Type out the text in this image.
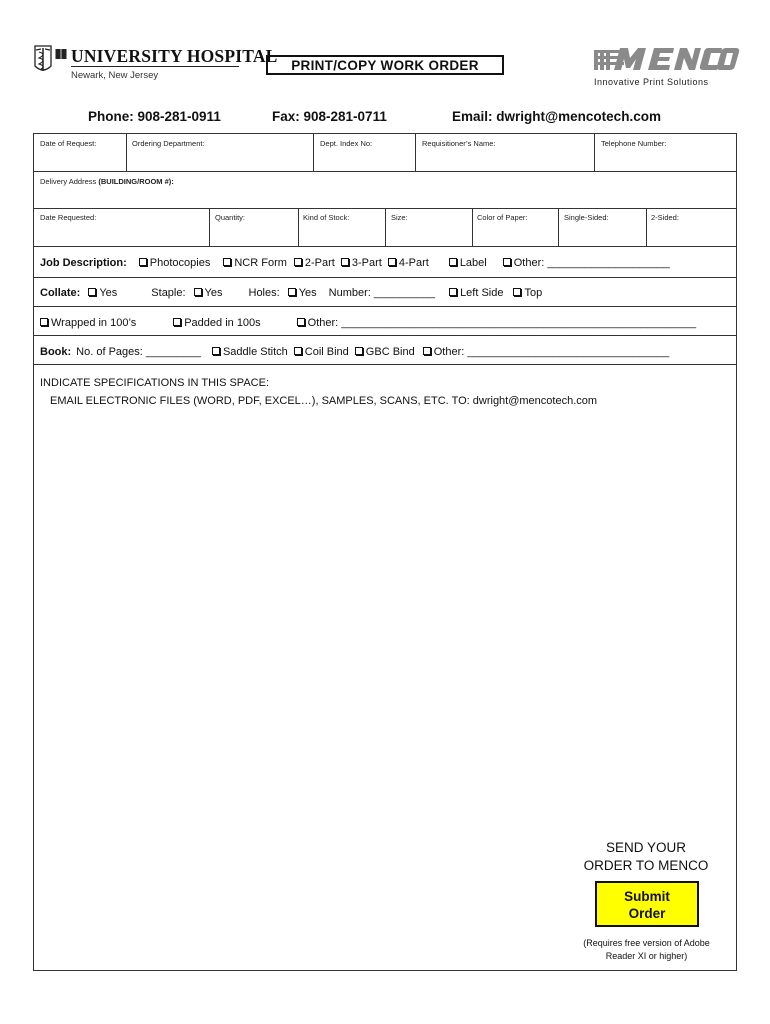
UNIVERSITY HOSPITAL
Newark, New Jersey
PRINT/COPY WORK ORDER
Innovative Print Solutions
Phone: 908-281-0911	Fax: 908-281-0711	Email: dwright@mencotech.com
Date of Request:	Ordering Department:	Dept. Index No:	Requisitioner’s Name:	Telephone Number:
Delivery Address (BUILDING/ROOM #):
Date Requested:	Quantity:	Kind of Stock:	Size:	Color of Paper:	Single-Sided:	2-Sided:
Job Description: Photocopies NCR Form 2-Part 3-Part 4-Part	Label Other: ____________________
Collate: Yes	Staple: Yes Holes: Yes Number: __________ Left Side Top
Wrapped in 100’s	Padded in 100s	Other: __________________________________________________________
Book: No. of Pages: _________ Saddle Stitch Coil Bind GBC Bind Other: _________________________________
INDICATE SPECIFICATIONS IN THIS SPACE:
EMAIL ELECTRONIC FILES (WORD, PDF, EXCEL…), SAMPLES, SCANS, ETC. TO: dwright@mencotech.com
SEND YOUR
ORDER TO MENCO
Submit
Order
(Requires free version of Adobe
Reader XI or higher)
